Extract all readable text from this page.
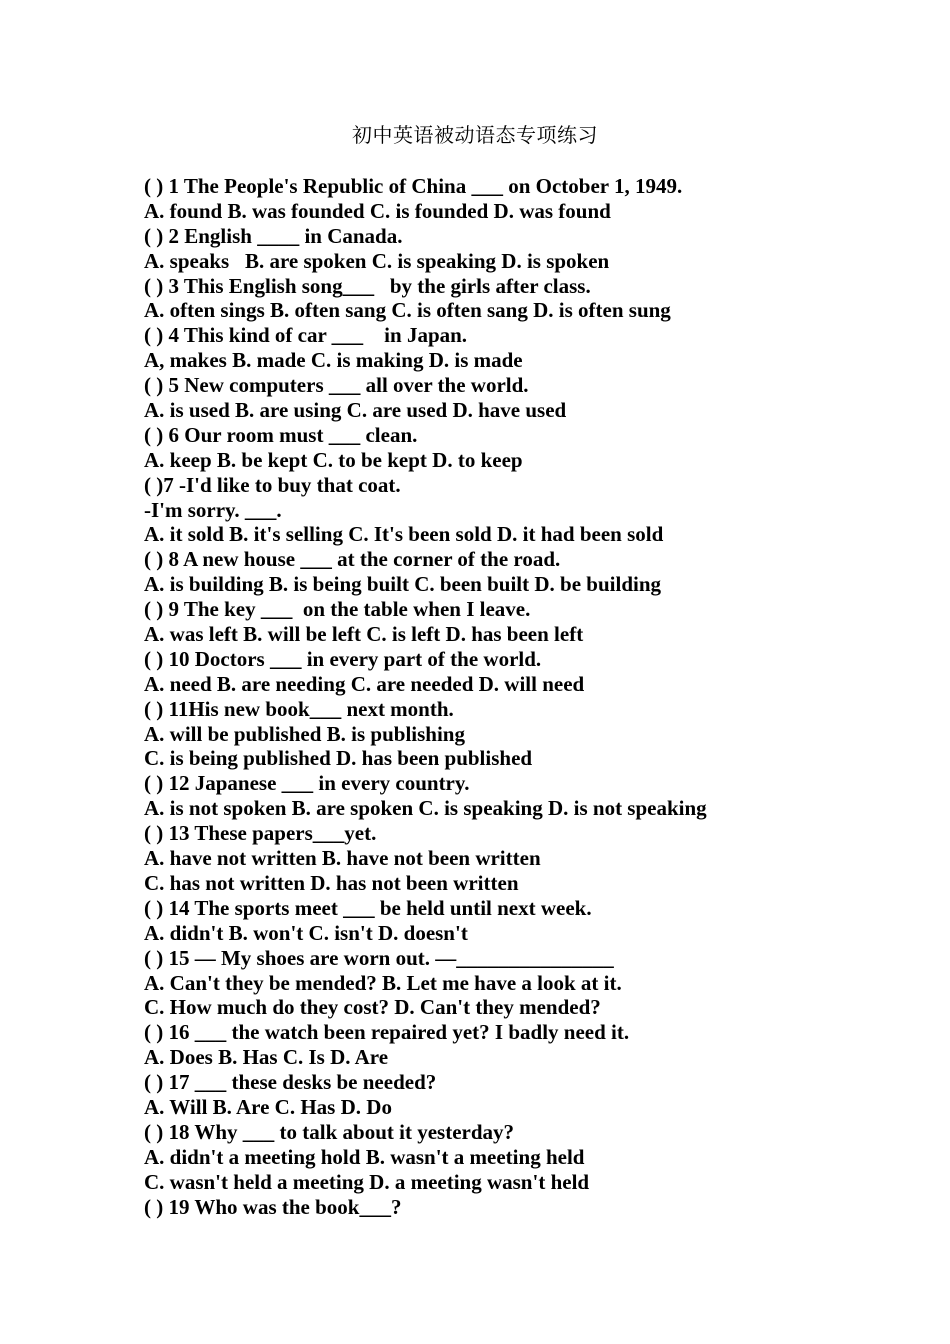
初中英语被动语态专项练习
( ) 1 The People's Republic of China ___ on October 1, 1949.
A. found B. was founded C. is founded D. was found
( ) 2 English ____ in Canada.
A. speaks   B. are spoken C. is speaking D. is spoken
( ) 3 This English song___   by the girls after class.
A. often sings B. often sang C. is often sang D. is often sung
( ) 4 This kind of car ___    in Japan.
A, makes B. made C. is making D. is made
( ) 5 New computers ___ all over the world.
A. is used B. are using C. are used D. have used
( ) 6 Our room must ___ clean.
A. keep B. be kept C. to be kept D. to keep
( )7 -I'd like to buy that coat.
-I'm sorry. ___.
A. it sold B. it's selling C. It's been sold D. it had been sold
( ) 8 A new house ___ at the corner of the road.
A. is building B. is being built C. been built D. be building
( ) 9 The key ___  on the table when I leave.
A. was left B. will be left C. is left D. has been left
( ) 10 Doctors ___ in every part of the world.
A. need B. are needing C. are needed D. will need
( ) 11His new book___ next month.
A. will be published B. is publishing
C. is being published D. has been published
( ) 12 Japanese ___ in every country.
A. is not spoken B. are spoken C. is speaking D. is not speaking
( ) 13 These papers___yet.
A. have not written B. have not been written
C. has not written D. has not been written
( ) 14 The sports meet ___ be held until next week.
A. didn't B. won't C. isn't D. doesn't
( ) 15 — My shoes are worn out. —_______________
A. Can't they be mended? B. Let me have a look at it.
C. How much do they cost? D. Can't they mended?
( ) 16 ___ the watch been repaired yet? I badly need it.
A. Does B. Has C. Is D. Are
( ) 17 ___ these desks be needed?
A. Will B. Are C. Has D. Do
( ) 18 Why ___ to talk about it yesterday?
A. didn't a meeting hold B. wasn't a meeting held
C. wasn't held a meeting D. a meeting wasn't held
( ) 19 Who was the book___?
